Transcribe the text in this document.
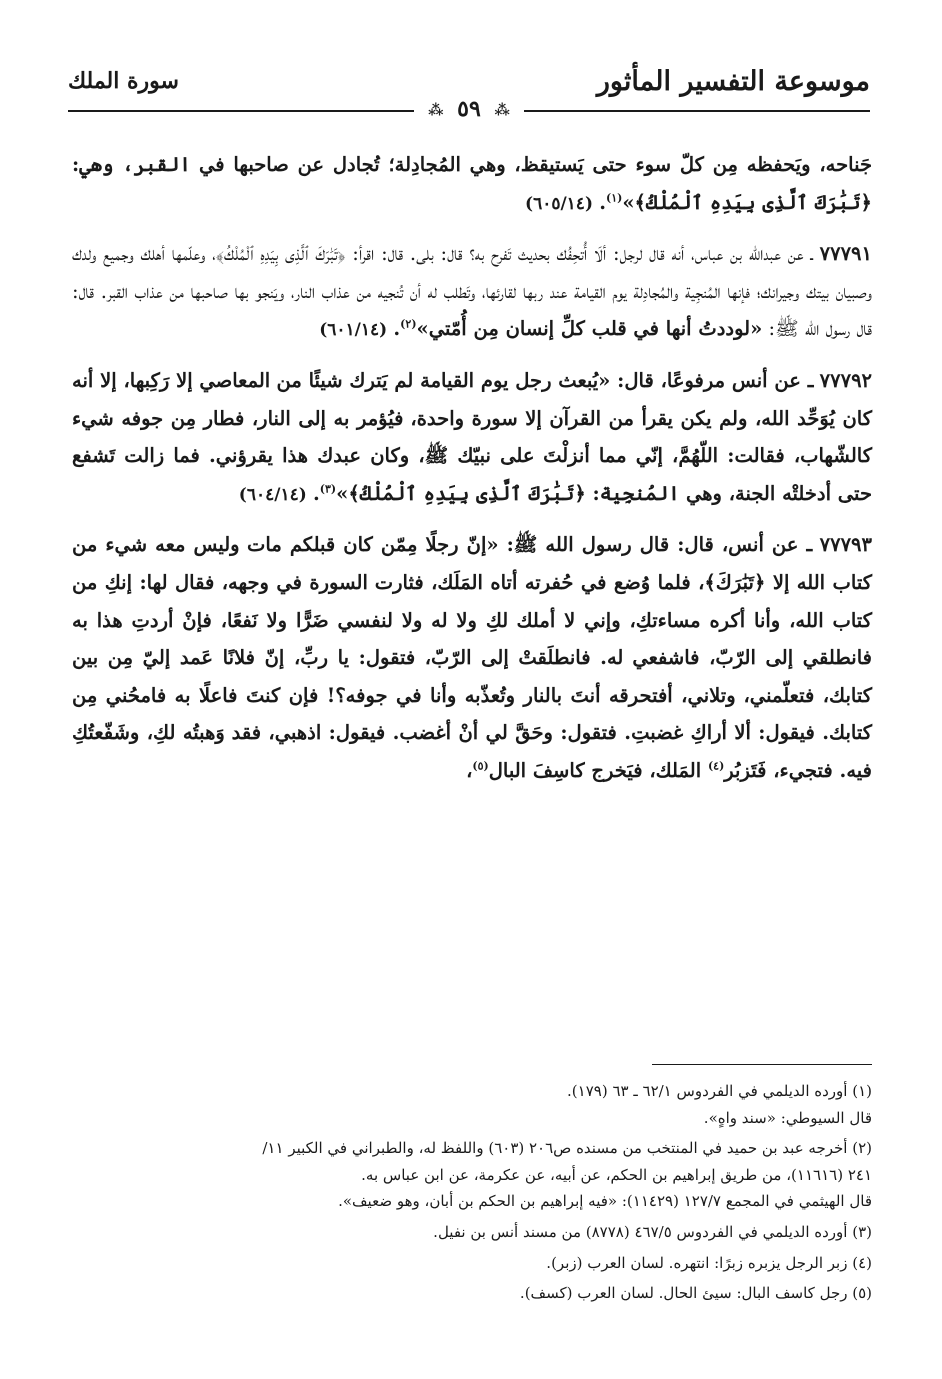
موسوعة التفسير المأثور
سورة الملك
⁂ ٥٩ ⁂

جَناحه، ويَحفظه مِن كلّ سوء حتى يَستيقظ، وهي المُجادِلة؛ تُجادل عن صاحبها في القبر، وهي: ﴿تَبَٰرَكَ ٱلَّذِى بِيَدِهِ ٱلْمُلْكُ﴾»$^{(١)}$. (٦٠٥/١٤)

٧٧٧٩١ ـ عن عبدالله بن عباس، أنه قال لرجل: ألَا أُتحِفُك بحديث تَفرح به؟ قال: بلى. قال: اقرأ: ﴿تَبَٰرَكَ ٱلَّذِى بِيَدِهِ ٱلْمُلْكُ﴾، وعلّمها أهلك وجميع ولدك وصبيان بيتك وجيرانك؛ فإنها المُنجِية والمُجادِلة يوم القيامة عند ربها لقارئها، وتَطلب له أن تُنجيه من عذاب النار، ويَنجو بها صاحبها من عذاب القبر. قال: قال رسول الله ﷺ: «لوددتُ أنها في قلب كلِّ إنسان مِن أُمّتي»$^{(٢)}$. (٦٠١/١٤)

٧٧٧٩٢ ـ عن أنس مرفوعًا، قال: «يُبعث رجل يوم القيامة لم يَترك شيئًا من المعاصي إلا رَكِبها، إلا أنه كان يُوَحِّد الله، ولم يكن يقرأ من القرآن إلا سورة واحدة، فيُؤمر به إلى النار، فطار مِن جوفه شيء كالشّهاب، فقالت: اللّهُمَّ، إنّي مما أنزلْتَ على نبيّك ﷺ، وكان عبدك هذا يقرؤني. فما زالت تَشفع حتى أدخلتْه الجنة، وهي المُنجِية: ﴿تَبَٰرَكَ ٱلَّذِى بِيَدِهِ ٱلْمُلْكُ﴾»$^{(٣)}$. (٦٠٤/١٤)

٧٧٧٩٣ ـ عن أنس، قال: قال رسول الله ﷺ: «إنّ رجلًا مِمّن كان قبلكم مات وليس معه شيء من كتاب الله إلا ﴿تَبَٰرَكَ﴾، فلما وُضع في حُفرته أتاه المَلَك، فثارت السورة في وجهه، فقال لها: إنكِ من كتاب الله، وأنا أكره مساءتكِ، وإني لا أملك لكِ ولا له ولا لنفسي ضَرًّا ولا نَفعًا، فإنْ أردتِ هذا به فانطلقي إلى الرّبّ، فاشفعي له. فانطلَقتْ إلى الرّبّ، فتقول: يا ربِّ، إنّ فلانًا عَمد إليّ مِن بين كتابك، فتعلّمني، وتلاني، أفتحرقه أنتَ بالنار وتُعذّبه وأنا في جوفه؟! فإن كنتَ فاعلًا به فامحُني مِن كتابك. فيقول: ألا أراكِ غضبتِ. فتقول: وحَقَّ لي أنْ أغضب. فيقول: اذهبي، فقد وَهبتُه لكِ، وشَفّعتُكِ فيه. فتجيء، فَتَزبُر$^{(٤)}$ المَلك، فيَخرج كاسِفَ البال$^{(٥)}$،

(١) أورده الديلمي في الفردوس ٦٢/١ ـ ٦٣ (١٧٩).

قال السيوطي: «سند واهٍ».

(٢) أخرجه عبد بن حميد في المنتخب من مسنده ص٢٠٦ (٦٠٣) واللفظ له، والطبراني في الكبير ١١/

٢٤١ (١١٦١٦)، من طريق إبراهيم بن الحكم، عن أبيه، عن عكرمة، عن ابن عباس به.

قال الهيثمي في المجمع ١٢٧/٧ (١١٤٢٩): «فيه إبراهيم بن الحكم بن أبان، وهو ضعيف».

(٣) أورده الديلمي في الفردوس ٤٦٧/٥ (٨٧٧٨) من مسند أنس بن نفيل.

(٤) زبر الرجل يزبره زبرًا: انتهره. لسان العرب (زبر).

(٥) رجل كاسف البال: سيئ الحال. لسان العرب (كسف).
